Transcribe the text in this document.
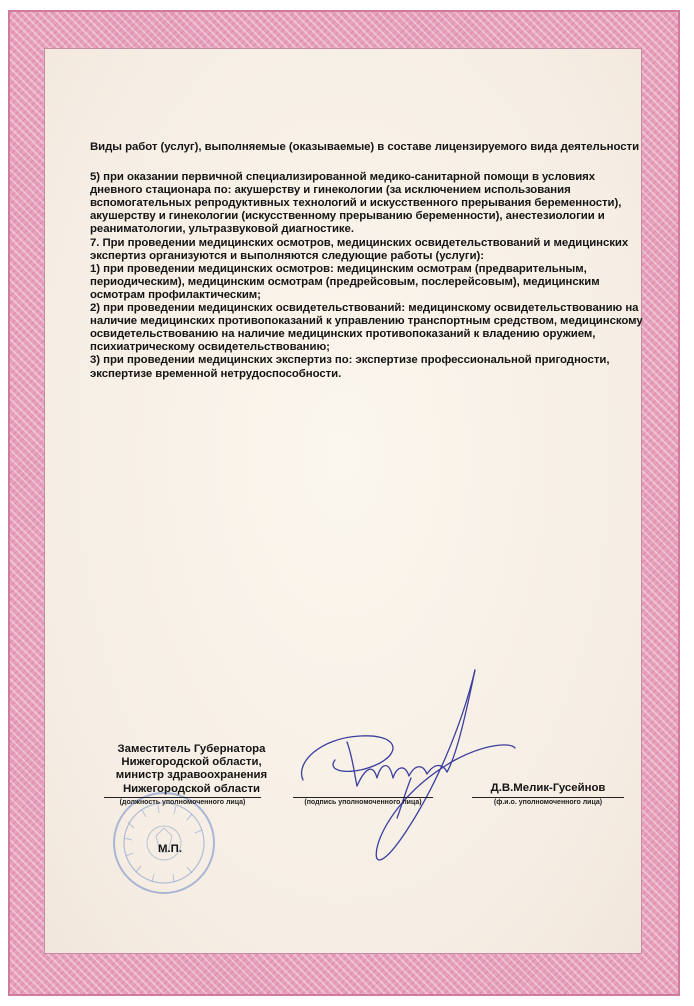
Виды работ (услуг), выполняемые (оказываемые) в составе лицензируемого вида деятельности

5) при оказании первичной специализированной медико-санитарной помощи в условиях дневного стационара по: акушерству и гинекологии (за исключением использования вспомогательных репродуктивных технологий и искусственного прерывания беременности), акушерству и гинекологии (искусственному прерыванию беременности), анестезиологии и реаниматологии, ультразвуковой диагностике.

7. При проведении медицинских осмотров, медицинских освидетельствований и медицинских экспертиз организуются и выполняются следующие работы (услуги):

1) при проведении медицинских осмотров: медицинским осмотрам (предварительным, периодическим), медицинским осмотрам (предрейсовым, послерейсовым), медицинским осмотрам профилактическим;

2) при проведении медицинских освидетельствований: медицинскому освидетельствованию на наличие медицинских противопоказаний к управлению транспортным средством, медицинскому освидетельствованию на наличие медицинских противопоказаний к владению оружием, психиатрическому освидетельствованию;

3) при проведении медицинских экспертиз по: экспертизе профессиональной пригодности, экспертизе временной нетрудоспособности.

Заместитель Губернатора Нижегородской области, министр здравоохранения Нижегородской области
(должность уполномоченного лица)	(подпись уполномоченного лица)
Д.В.Мелик-Гусейнов
(ф.и.о. уполномоченного лица)
М.П.
